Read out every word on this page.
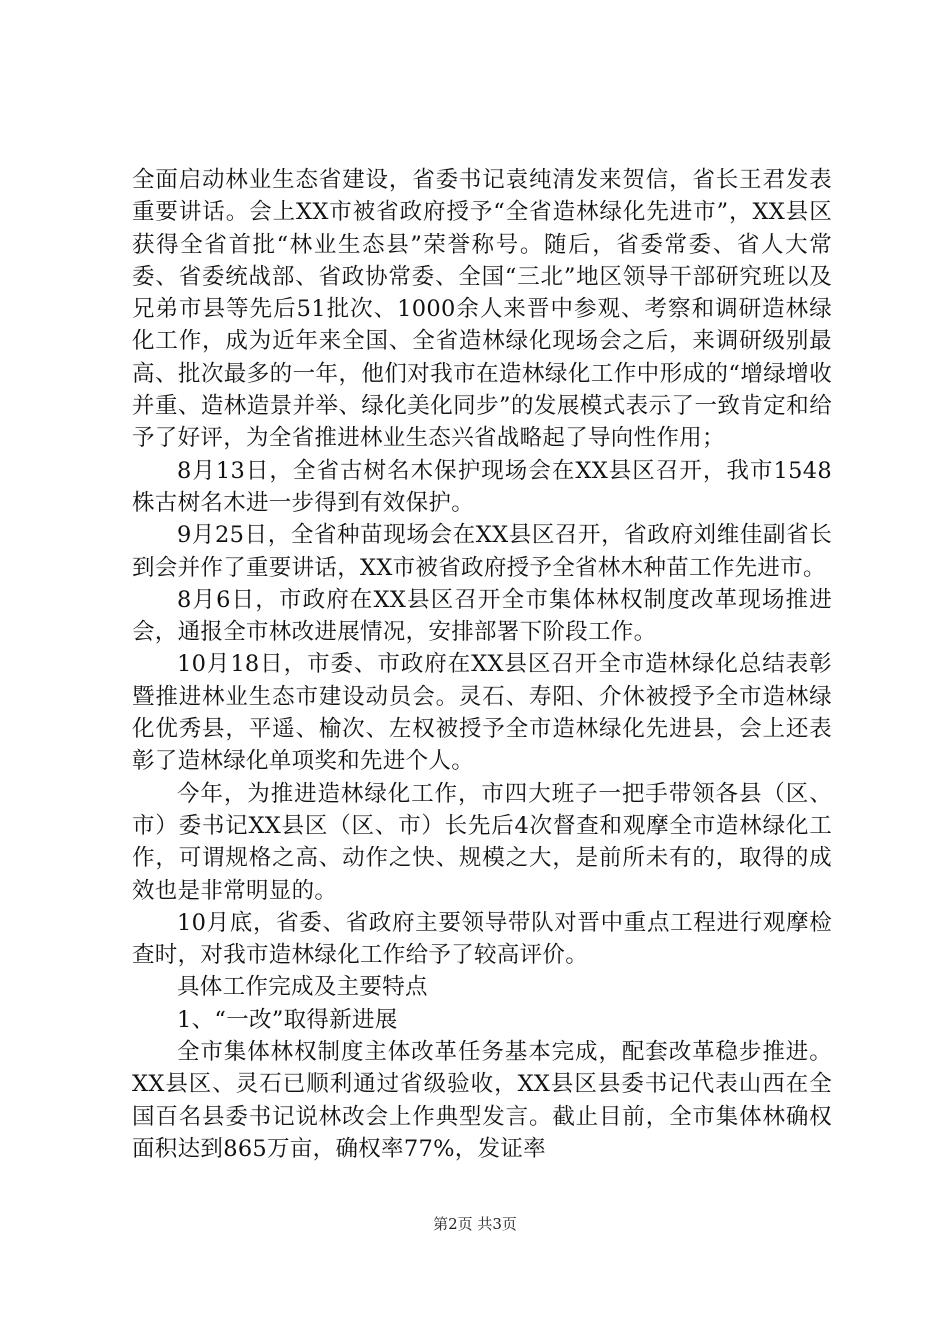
全面启动林业生态省建设，省委书记袁纯清发来贺信，省长王君发表重要讲话。会上XX市被省政府授予“全省造林绿化先进市”，XX县区获得全省首批“林业生态县”荣誉称号。随后，省委常委、省人大常委、省委统战部、省政协常委、全国“三北”地区领导干部研究班以及兄弟市县等先后51批次、1000余人来晋中参观、考察和调研造林绿化工作，成为近年来全国、全省造林绿化现场会之后，来调研级别最高、批次最多的一年，他们对我市在造林绿化工作中形成的“增绿增收并重、造林造景并举、绿化美化同步”的发展模式表示了一致肯定和给予了好评，为全省推进林业生态兴省战略起了导向性作用；

8月13日，全省古树名木保护现场会在XX县区召开，我市1548株古树名木进一步得到有效保护。

9月25日，全省种苗现场会在XX县区召开，省政府刘维佳副省长到会并作了重要讲话，XX市被省政府授予全省林木种苗工作先进市。

8月6日，市政府在XX县区召开全市集体林权制度改革现场推进会，通报全市林改进展情况，安排部署下阶段工作。

10月18日，市委、市政府在XX县区召开全市造林绿化总结表彰暨推进林业生态市建设动员会。灵石、寿阳、介休被授予全市造林绿化优秀县，平遥、榆次、左权被授予全市造林绿化先进县，会上还表彰了造林绿化单项奖和先进个人。

今年，为推进造林绿化工作，市四大班子一把手带领各县（区、市）委书记XX县区（区、市）长先后4次督查和观摩全市造林绿化工作，可谓规格之高、动作之快、规模之大，是前所未有的，取得的成效也是非常明显的。

10月底，省委、省政府主要领导带队对晋中重点工程进行观摩检查时，对我市造林绿化工作给予了较高评价。

具体工作完成及主要特点

1、“一改”取得新进展

全市集体林权制度主体改革任务基本完成，配套改革稳步推进。XX县区、灵石已顺利通过省级验收，XX县区县委书记代表山西在全国百名县委书记说林改会上作典型发言。截止目前，全市集体林确权面积达到865万亩，确权率77%，发证率

第2页 共3页
